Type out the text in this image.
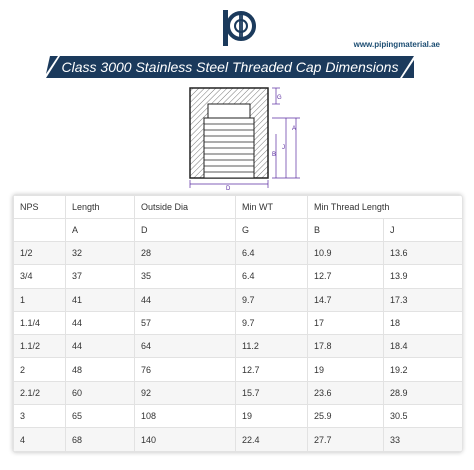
www.pipingmaterial.ae
Class 3000 Stainless Steel Threaded Cap Dimensions
G
A
B
J
D
NPS	Length	Outside Dia	Min WT	Min Thread Length	
	A	D	G	B	J
1/2	32	28	6.4	10.9	13.6
3/4	37	35	6.4	12.7	13.9
1	41	44	9.7	14.7	17.3
1.1/4	44	57	9.7	17	18
1.1/2	44	64	11.2	17.8	18.4
2	48	76	12.7	19	19.2
2.1/2	60	92	15.7	23.6	28.9
3	65	108	19	25.9	30.5
4	68	140	22.4	27.7	33
